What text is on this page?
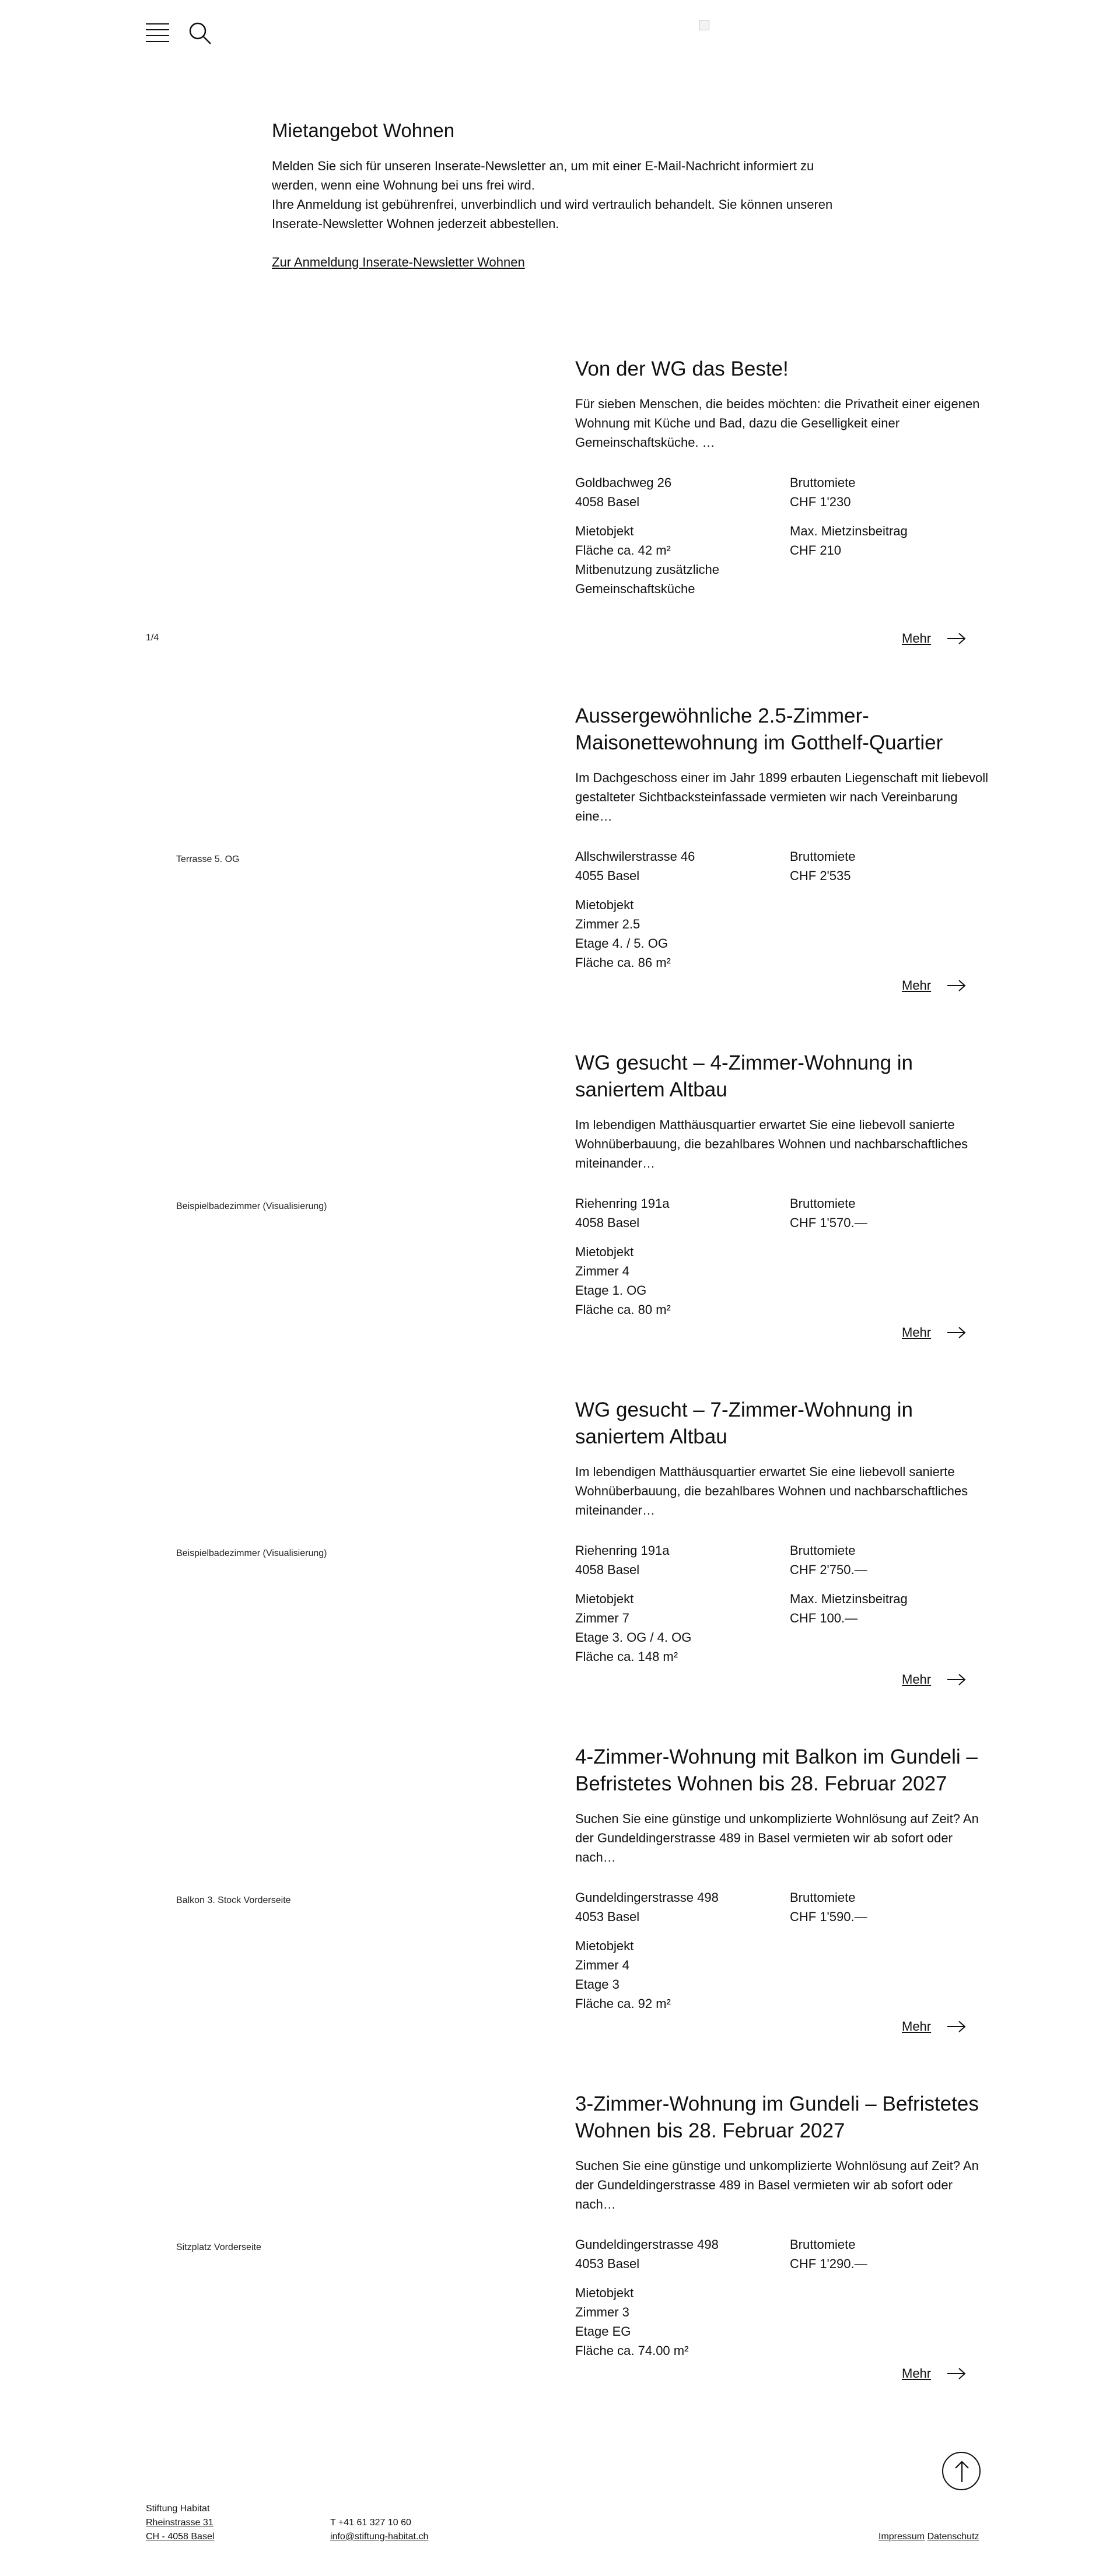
Mietangebot Wohnen

Melden Sie sich für unseren Inserate-Newsletter an, um mit einer E-Mail-Nachricht informiert zu werden, wenn eine Wohnung bei uns frei wird.

Ihre Anmeldung ist gebührenfrei, unverbindlich und wird vertraulich behandelt. Sie können unseren Inserate-Newsletter Wohnen jederzeit abbestellen.

Zur Anmeldung Inserate-Newsletter Wohnen
Von der WG das Beste!

Für sieben Menschen, die beides möchten: die Privatheit einer eigenen Wohnung mit Küche und Bad, dazu die Geselligkeit einer Gemeinschaftsküche. …

Goldbachweg 26
4058 Basel
Bruttomiete
CHF 1'230
Mietobjekt
Fläche ca. 42 m²
Mitbenutzung zusätzliche
Gemeinschaftsküche
Max. Mietzinsbeitrag
CHF 210
1/4	Mehr
Aussergewöhnliche 2.5-Zimmer-Maisonettewohnung im Gotthelf-Quartier

Im Dachgeschoss einer im Jahr 1899 erbauten Liegenschaft mit liebevoll gestalteter Sichtbacksteinfassade vermieten wir nach Vereinbarung eine…

Allschwilerstrasse 46
4055 Basel
Bruttomiete
CHF 2'535
Mietobjekt
Zimmer 2.5
Etage 4. / 5. OG
Fläche ca. 86 m²
Terrasse 5. OG
Mehr
WG gesucht – 4-Zimmer-Wohnung in saniertem Altbau

Im lebendigen Matthäusquartier erwartet Sie eine liebevoll sanierte Wohnüberbauung, die bezahlbares Wohnen und nachbarschaftliches miteinander…

Riehenring 191a
4058 Basel
Bruttomiete
CHF 1'570.—
Mietobjekt
Zimmer 4
Etage 1. OG
Fläche ca. 80 m²
Beispielbadezimmer (Visualisierung)
Mehr
WG gesucht – 7-Zimmer-Wohnung in saniertem Altbau

Im lebendigen Matthäusquartier erwartet Sie eine liebevoll sanierte Wohnüberbauung, die bezahlbares Wohnen und nachbarschaftliches miteinander…

Riehenring 191a
4058 Basel
Bruttomiete
CHF 2'750.—
Mietobjekt
Zimmer 7
Etage 3. OG / 4. OG
Fläche ca. 148 m²
Max. Mietzinsbeitrag
CHF 100.—
Beispielbadezimmer (Visualisierung)
Mehr
4-Zimmer-Wohnung mit Balkon im Gundeli – Befristetes Wohnen bis 28. Februar 2027

Suchen Sie eine günstige und unkomplizierte Wohnlösung auf Zeit? An der Gundeldingerstrasse 489 in Basel vermieten wir ab sofort oder nach…

Gundeldingerstrasse 498
4053 Basel
Bruttomiete
CHF 1'590.—
Mietobjekt
Zimmer 4
Etage 3
Fläche ca. 92 m²
Balkon 3. Stock Vorderseite
Mehr
3-Zimmer-Wohnung im Gundeli – Befristetes Wohnen bis 28. Februar 2027

Suchen Sie eine günstige und unkomplizierte Wohnlösung auf Zeit? An der Gundeldingerstrasse 489 in Basel vermieten wir ab sofort oder nach…

Gundeldingerstrasse 498
4053 Basel
Bruttomiete
CHF 1'290.—
Mietobjekt
Zimmer 3
Etage EG
Fläche ca. 74.00 m²
Sitzplatz Vorderseite
Mehr
Stiftung Habitat
Rheinstrasse 31
CH - 4058 Basel
T +41 61 327 10 60
info@stiftung-habitat.ch	Impressum Datenschutz
